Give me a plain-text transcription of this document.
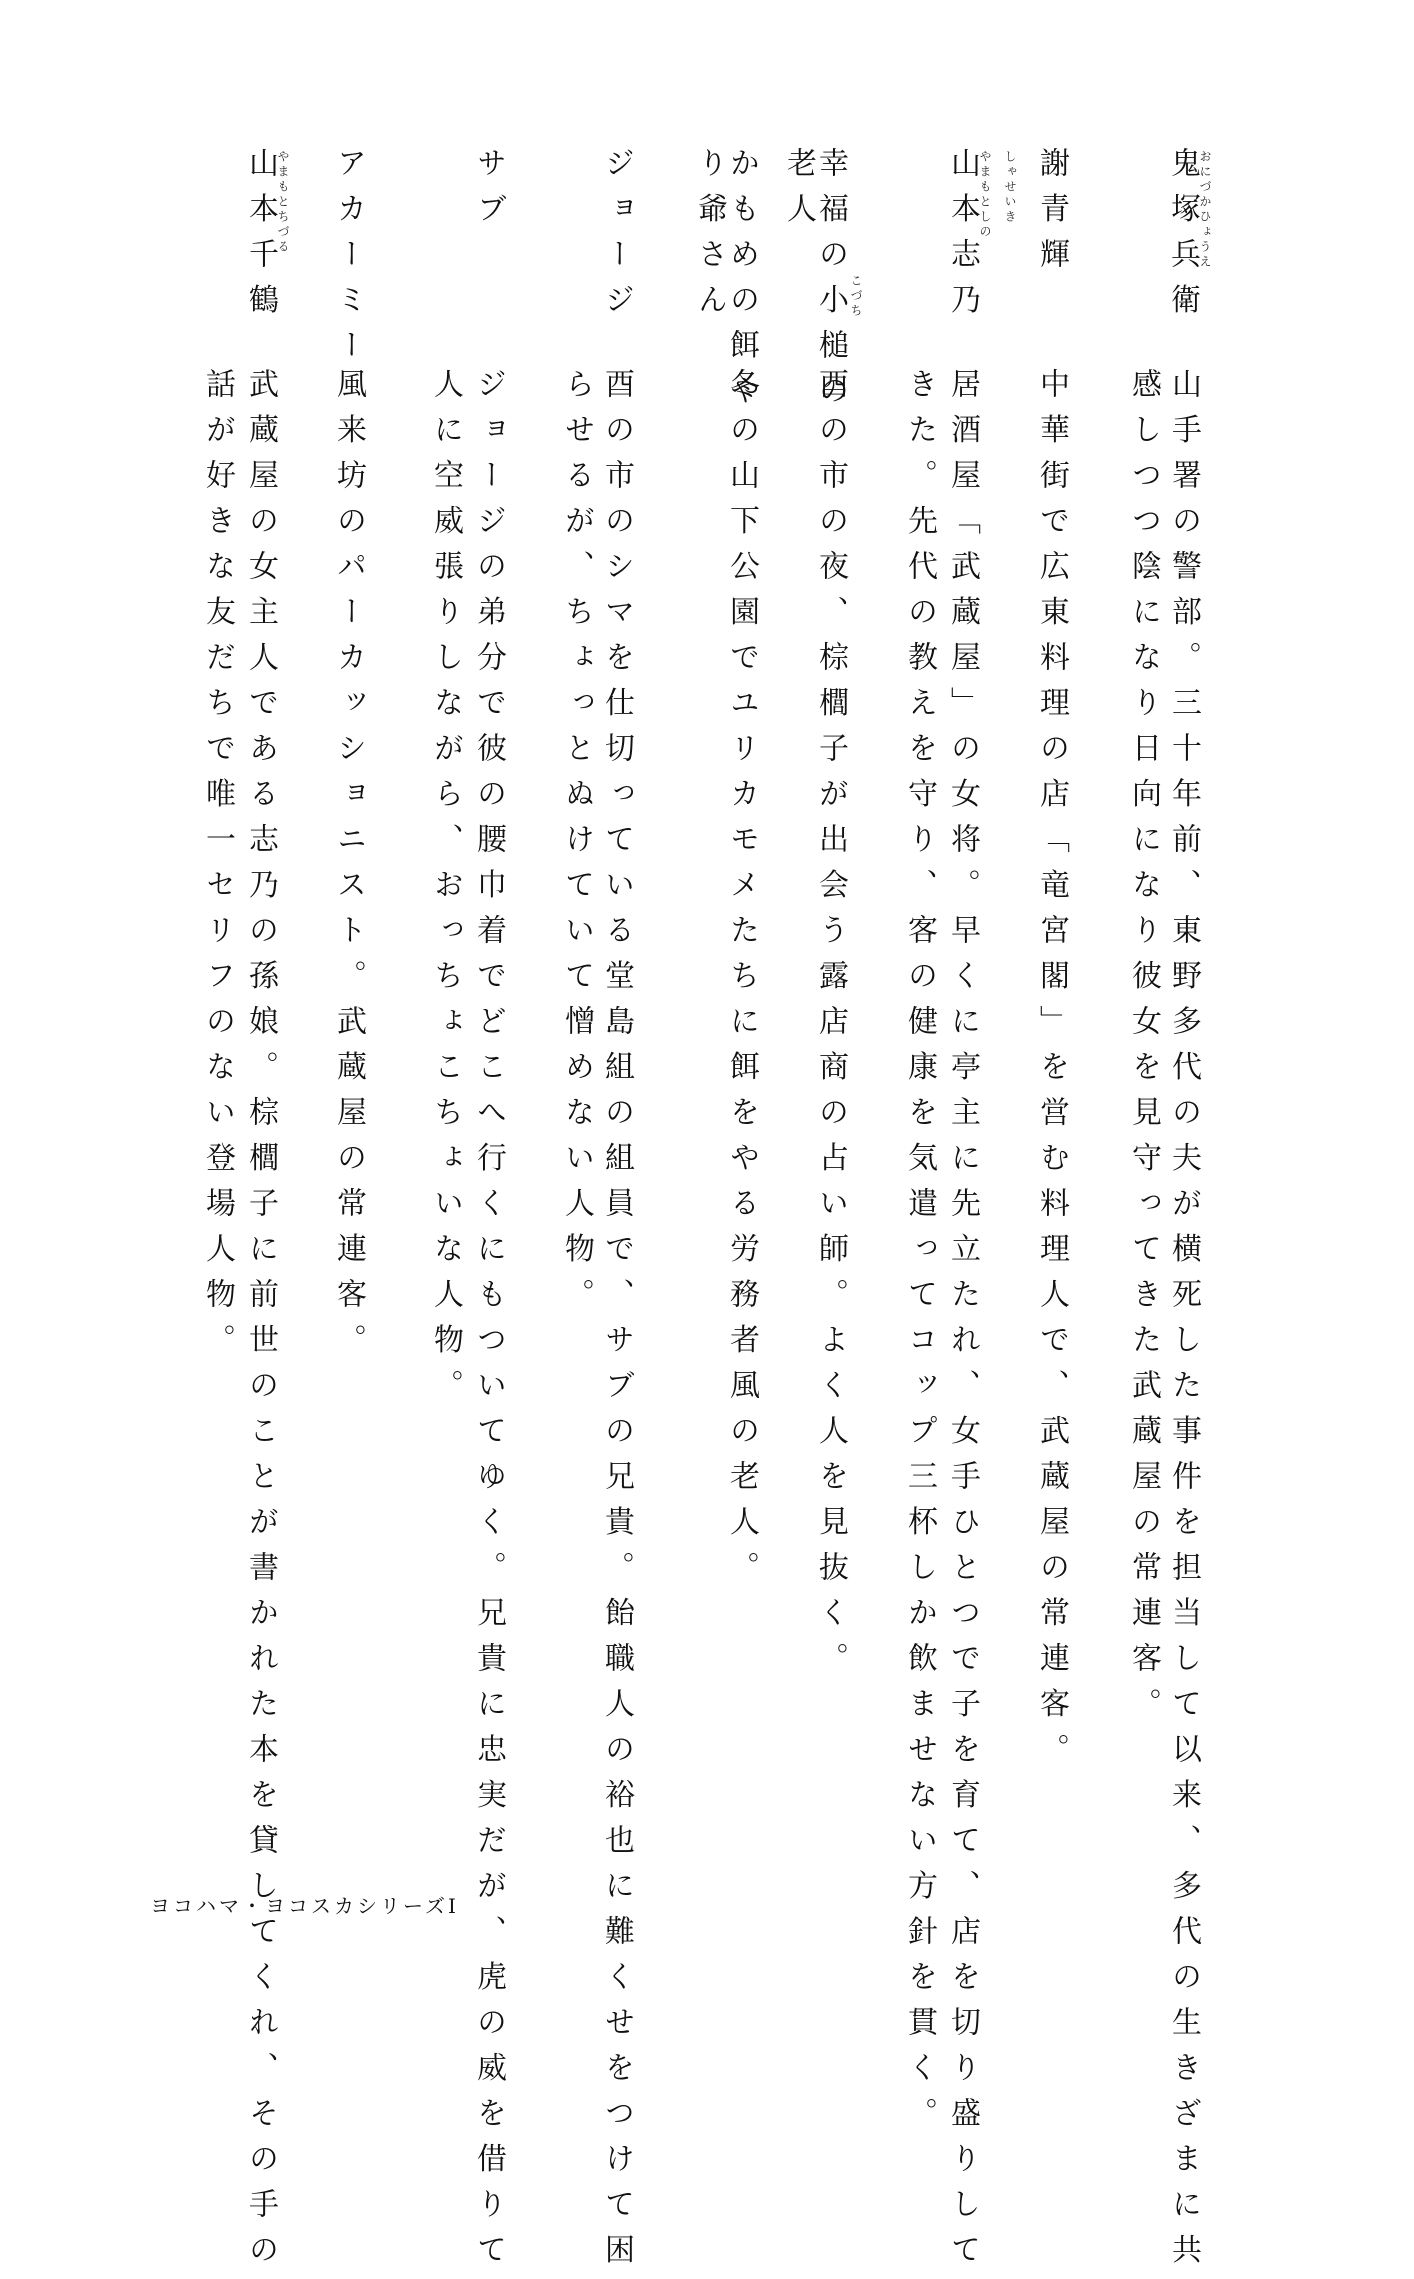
鬼塚兵衛
おにづかひょうえ
山手署の警部。三十年前、東野多代の夫が横死した事件を担当して以来、多代の生きざまに共
感しつつ陰になり日向になり彼女を見守ってきた武蔵屋の常連客。
謝青輝
しゃせいき
中華街で広東料理の店「竜宮閣」を営む料理人で、武蔵屋の常連客。
山本志乃
やまもとしの
居酒屋「武蔵屋」の女将。早くに亭主に先立たれ、女手ひとつで子を育て、店を切り盛りして
きた。先代の教えを守り、客の健康を気遣ってコップ三杯しか飲ませない方針を貫く。
幸福の小槌の
老人
こづち
酉の市の夜、棕櫚子が出会う露店商の占い師。よく人を見抜く。
かもめの餌や
り爺さん
冬の山下公園でユリカモメたちに餌をやる労務者風の老人。
ジョージ
酉の市のシマを仕切っている堂島組の組員で、サブの兄貴。飴職人の裕也に難くせをつけて困
らせるが、ちょっとぬけていて憎めない人物。
サブ
ジョージの弟分で彼の腰巾着でどこへ行くにもついてゆく。兄貴に忠実だが、虎の威を借りて
人に空威張りしながら、おっちょこちょいな人物。
アカーミー
風来坊のパーカッショニスト。武蔵屋の常連客。
山本千鶴
やまもとちづる
武蔵屋の女主人である志乃の孫娘。棕櫚子に前世のことが書かれた本を貸してくれ、その手の
話が好きな友だちで唯一セリフのない登場人物。
ヨコハマ・ヨコスカシリーズⅠ
